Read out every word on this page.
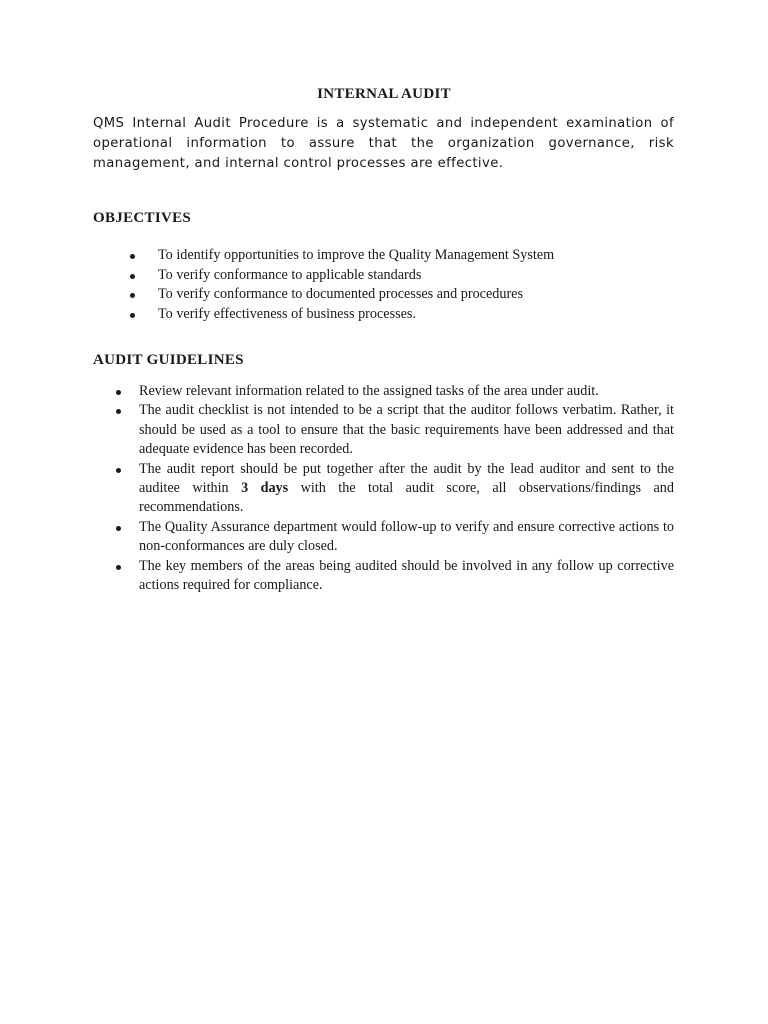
INTERNAL AUDIT

QMS Internal Audit Procedure is a systematic and independent examination of operational information to assure that the organization governance, risk management, and internal control processes are effective.

OBJECTIVES
To identify opportunities to improve the Quality Management System
To verify conformance to applicable standards
To verify conformance to documented processes and procedures
To verify effectiveness of business processes.
AUDIT GUIDELINES
Review relevant information related to the assigned tasks of the area under audit.
The audit checklist is not intended to be a script that the auditor follows verbatim. Rather, it should be used as a tool to ensure that the basic requirements have been addressed and that adequate evidence has been recorded.
The audit report should be put together after the audit by the lead auditor and sent to the auditee within 3 days with the total audit score, all observations/findings and recommendations.
The Quality Assurance department would follow-up to verify and ensure corrective actions to non-conformances are duly closed.
The key members of the areas being audited should be involved in any follow up corrective actions required for compliance.
